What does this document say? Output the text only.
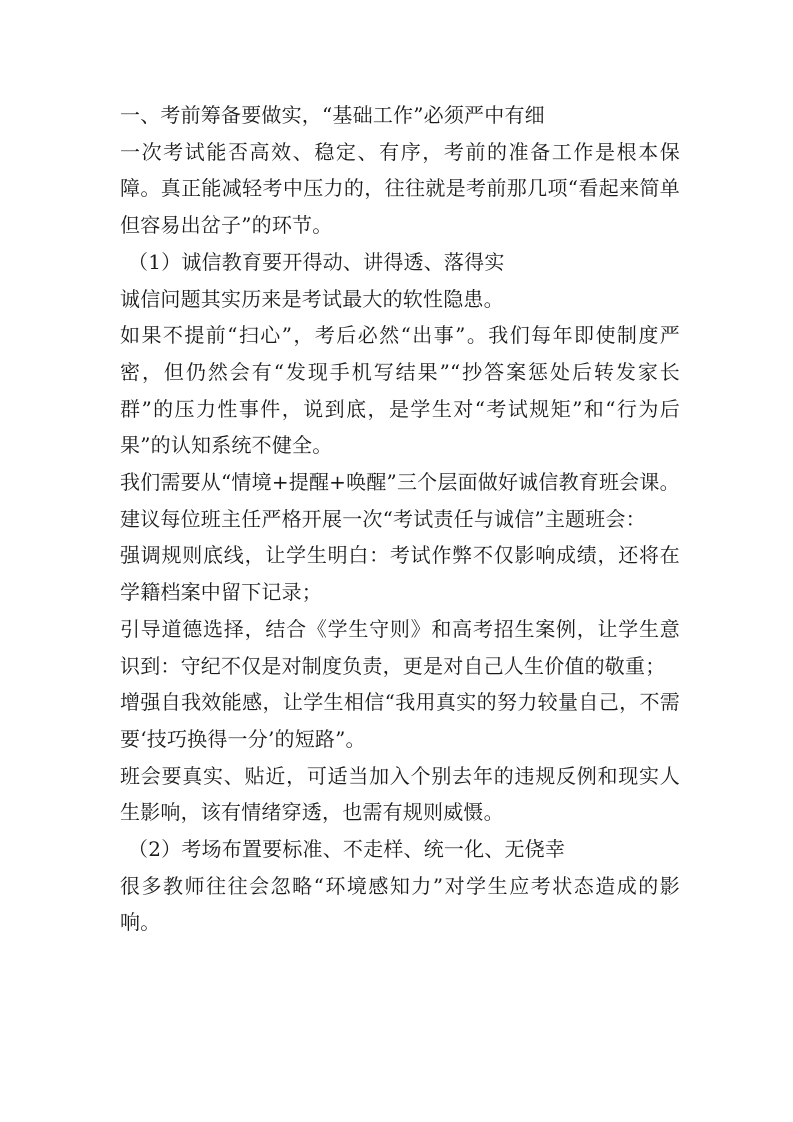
一、考前筹备要做实，“基础工作”必须严中有细

一次考试能否高效、稳定、有序，考前的准备工作是根本保障。真正能减轻考中压力的，往往就是考前那几项“看起来简单但容易出岔子”的环节。

（1）诚信教育要开得动、讲得透、落得实

诚信问题其实历来是考试最大的软性隐患。

如果不提前“扫心”，考后必然“出事”。我们每年即使制度严密，但仍然会有“发现手机写结果”“抄答案惩处后转发家长群”的压力性事件，说到底，是学生对“考试规矩”和“行为后果”的认知系统不健全。

我们需要从“情境+提醒+唤醒”三个层面做好诚信教育班会课。

建议每位班主任严格开展一次“考试责任与诚信”主题班会：

强调规则底线，让学生明白：考试作弊不仅影响成绩，还将在学籍档案中留下记录；

引导道德选择，结合《学生守则》和高考招生案例，让学生意识到：守纪不仅是对制度负责，更是对自己人生价值的敬重；

增强自我效能感，让学生相信“我用真实的努力较量自己，不需要‘技巧换得一分’的短路”。

班会要真实、贴近，可适当加入个别去年的违规反例和现实人生影响，该有情绪穿透，也需有规则威慑。

（2）考场布置要标准、不走样、统一化、无侥幸

很多教师往往会忽略“环境感知力”对学生应考状态造成的影响。
